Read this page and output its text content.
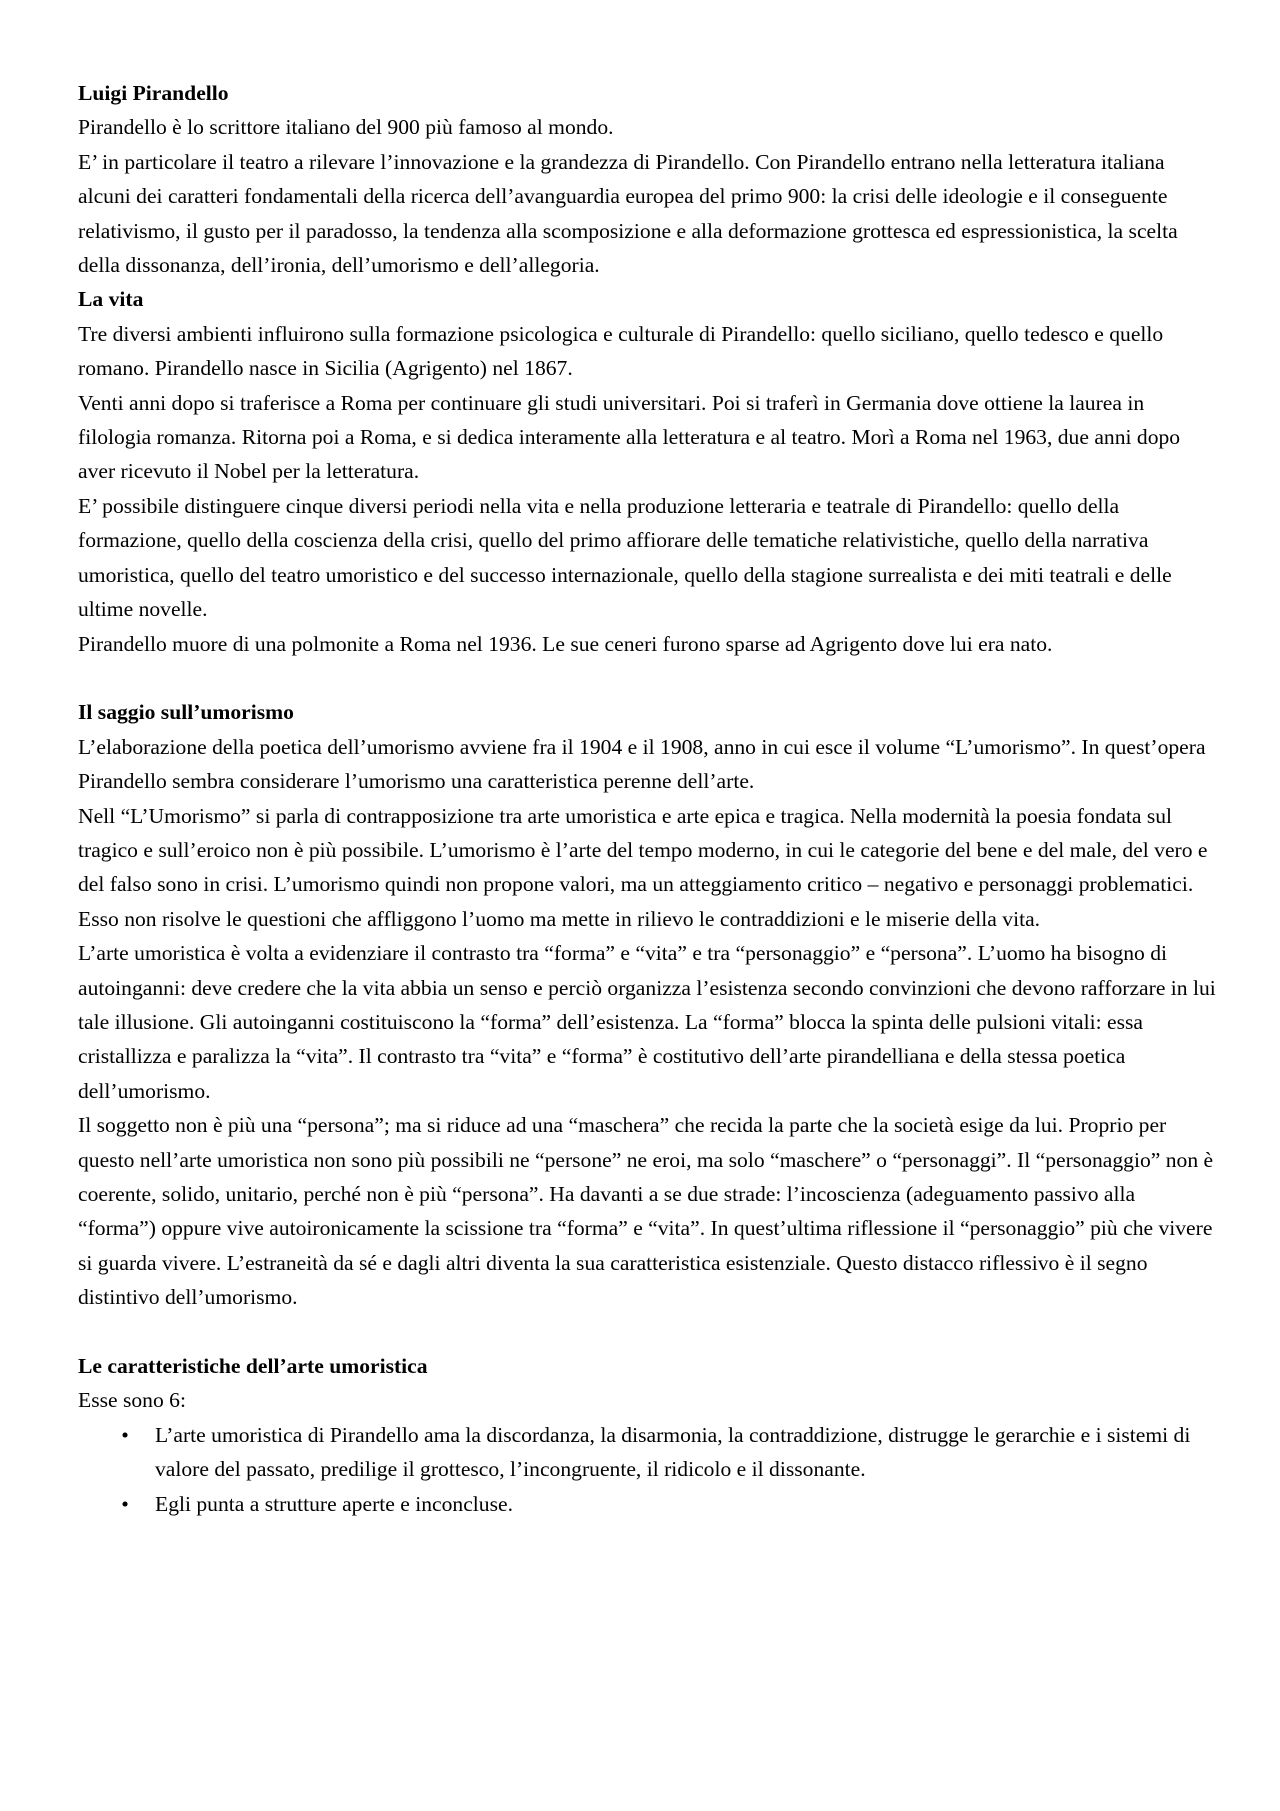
Luigi Pirandello

Pirandello è lo scrittore italiano del 900 più famoso al mondo.

E’ in particolare il teatro a rilevare l’innovazione e la grandezza di Pirandello. Con Pirandello entrano nella letteratura italiana alcuni dei caratteri fondamentali della ricerca dell’avanguardia europea del primo 900: la crisi delle ideologie e il conseguente relativismo, il gusto per il paradosso, la tendenza alla scomposizione e alla deformazione grottesca ed espressionistica, la scelta della dissonanza, dell’ironia, dell’umorismo e dell’allegoria.

La vita

Tre diversi ambienti influirono sulla formazione psicologica e culturale di Pirandello: quello siciliano, quello tedesco e quello romano. Pirandello nasce in Sicilia (Agrigento) nel 1867.

Venti anni dopo si traferisce a Roma per continuare gli studi universitari. Poi si traferì in Germania dove ottiene la laurea in filologia romanza. Ritorna poi a Roma, e si dedica interamente alla letteratura e al teatro. Morì a Roma nel 1963, due anni dopo aver ricevuto il Nobel per la letteratura.

E’ possibile distinguere cinque diversi periodi nella vita e nella produzione letteraria e teatrale di Pirandello: quello della formazione, quello della coscienza della crisi, quello del primo affiorare delle tematiche relativistiche, quello della narrativa umoristica, quello del teatro umoristico e del successo internazionale, quello della stagione surrealista e dei miti teatrali e delle ultime novelle.

Pirandello muore di una polmonite a Roma nel 1936. Le sue ceneri furono sparse ad Agrigento dove lui era nato.

Il saggio sull’umorismo

L’elaborazione della poetica dell’umorismo avviene fra il 1904 e il 1908, anno in cui esce il volume “L’umorismo”. In quest’opera Pirandello sembra considerare l’umorismo una caratteristica perenne dell’arte.

Nell “L’Umorismo” si parla di contrapposizione tra arte umoristica e arte epica e tragica. Nella modernità la poesia fondata sul tragico e sull’eroico non è più possibile. L’umorismo è l’arte del tempo moderno, in cui le categorie del bene e del male, del vero e del falso sono in crisi. L’umorismo quindi non propone valori, ma un atteggiamento critico – negativo e personaggi problematici. Esso non risolve le questioni che affliggono l’uomo ma mette in rilievo le contraddizioni e le miserie della vita.

L’arte umoristica è volta a evidenziare il contrasto tra “forma” e “vita” e tra “personaggio” e “persona”. L’uomo ha bisogno di autoinganni: deve credere che la vita abbia un senso e perciò organizza l’esistenza secondo convinzioni che devono rafforzare in lui tale illusione. Gli autoinganni costituiscono la “forma” dell’esistenza. La “forma” blocca la spinta delle pulsioni vitali: essa cristallizza e paralizza la “vita”. Il contrasto tra “vita” e “forma” è costitutivo dell’arte pirandelliana e della stessa poetica dell’umorismo.

Il soggetto non è più una “persona”; ma si riduce ad una “maschera” che recida la parte che la società esige da lui. Proprio per questo nell’arte umoristica non sono più possibili ne “persone” ne eroi, ma solo “maschere” o “personaggi”. Il “personaggio” non è coerente, solido, unitario, perché non è più “persona”. Ha davanti a se due strade: l’incoscienza (adeguamento passivo alla “forma”) oppure vive autoironicamente la scissione tra “forma” e “vita”. In quest’ultima riflessione il “personaggio” più che vivere si guarda vivere. L’estraneità da sé e dagli altri diventa la sua caratteristica esistenziale. Questo distacco riflessivo è il segno distintivo dell’umorismo.

Le caratteristiche dell’arte umoristica

Esse sono 6:

• L’arte umoristica di Pirandello ama la discordanza, la disarmonia, la contraddizione, distrugge le gerarchie e i sistemi di valore del passato, predilige il grottesco, l’incongruente, il ridicolo e il dissonante.
• Egli punta a strutture aperte e inconcluse.
